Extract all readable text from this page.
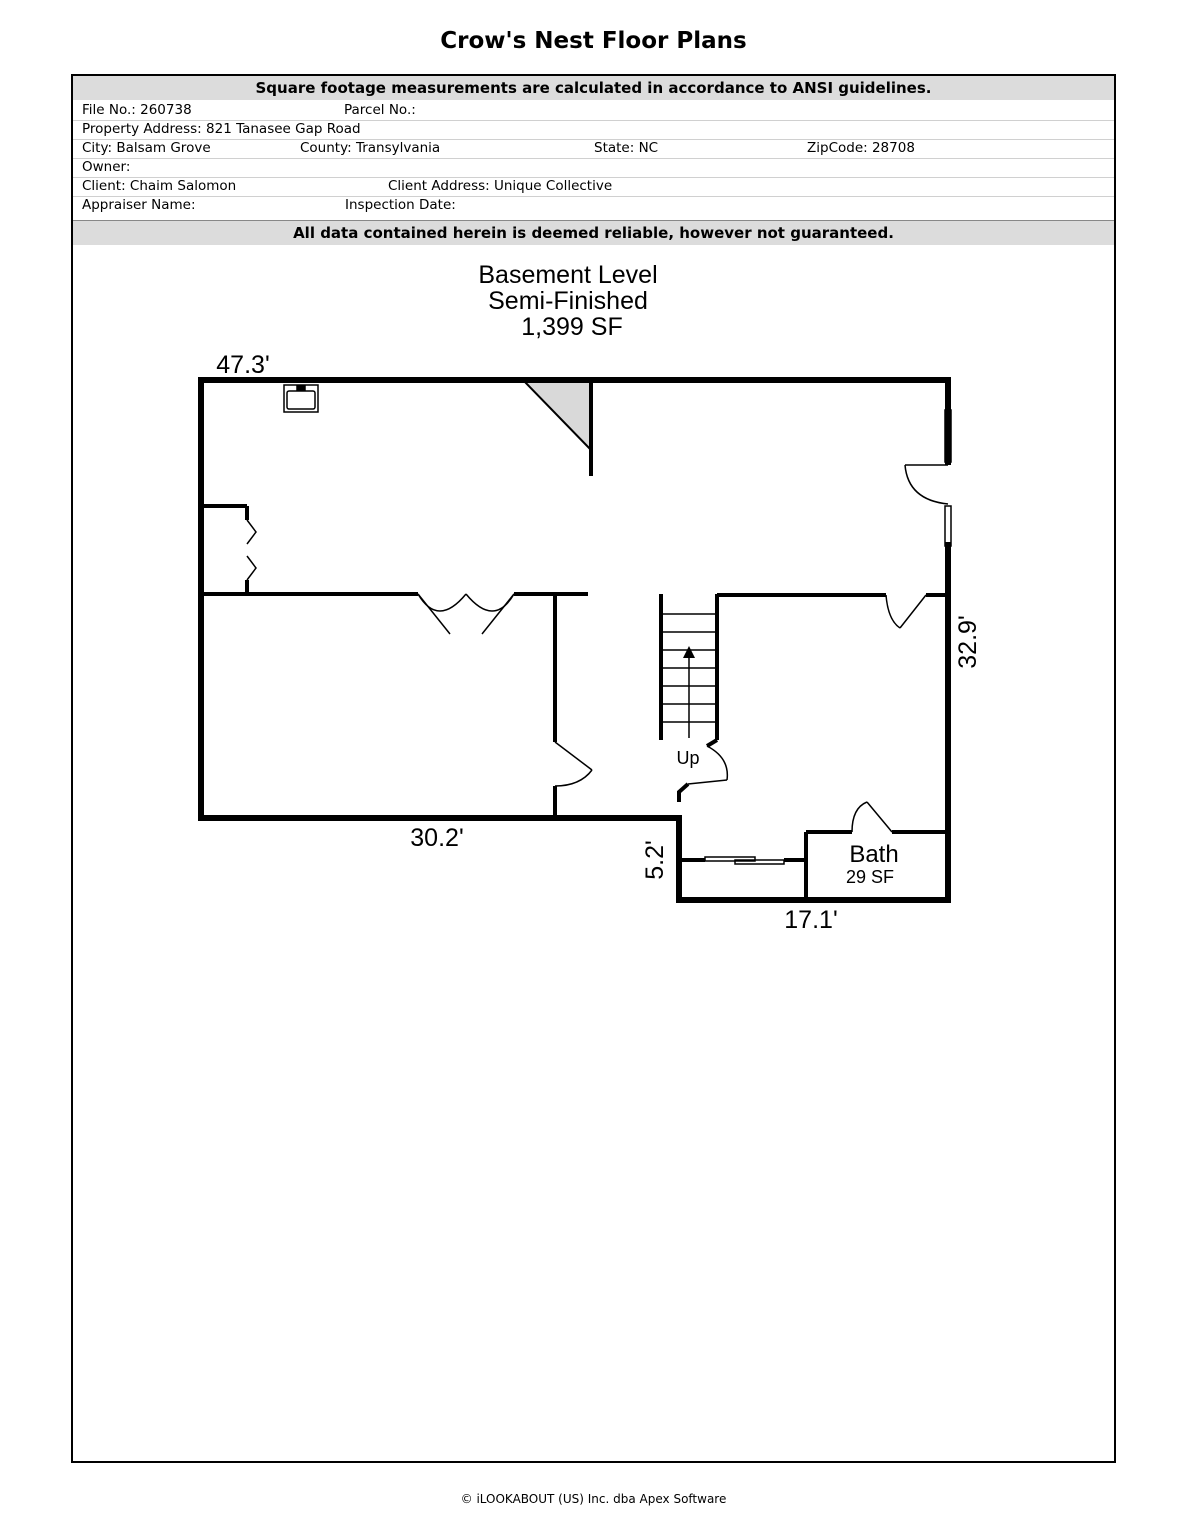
Crow's Nest Floor Plans
Square footage measurements are calculated in accordance to ANSI guidelines.
File No.: 260738	Parcel No.:
Property Address: 821 Tanasee Gap Road
City: Balsam Grove	County: Transylvania	State: NC	ZipCode: 28708
Owner:
Client: Chaim Salomon	Client Address: Unique Collective
Appraiser Name:	Inspection Date:
All data contained herein is deemed reliable, however not guaranteed.
Basement Level
Semi-Finished
1,399 SF
47.3'
30.2'
17.1'
32.9'
5.2'
Up
Bath
29 SF
© iLOOKABOUT (US) Inc. dba Apex Software
